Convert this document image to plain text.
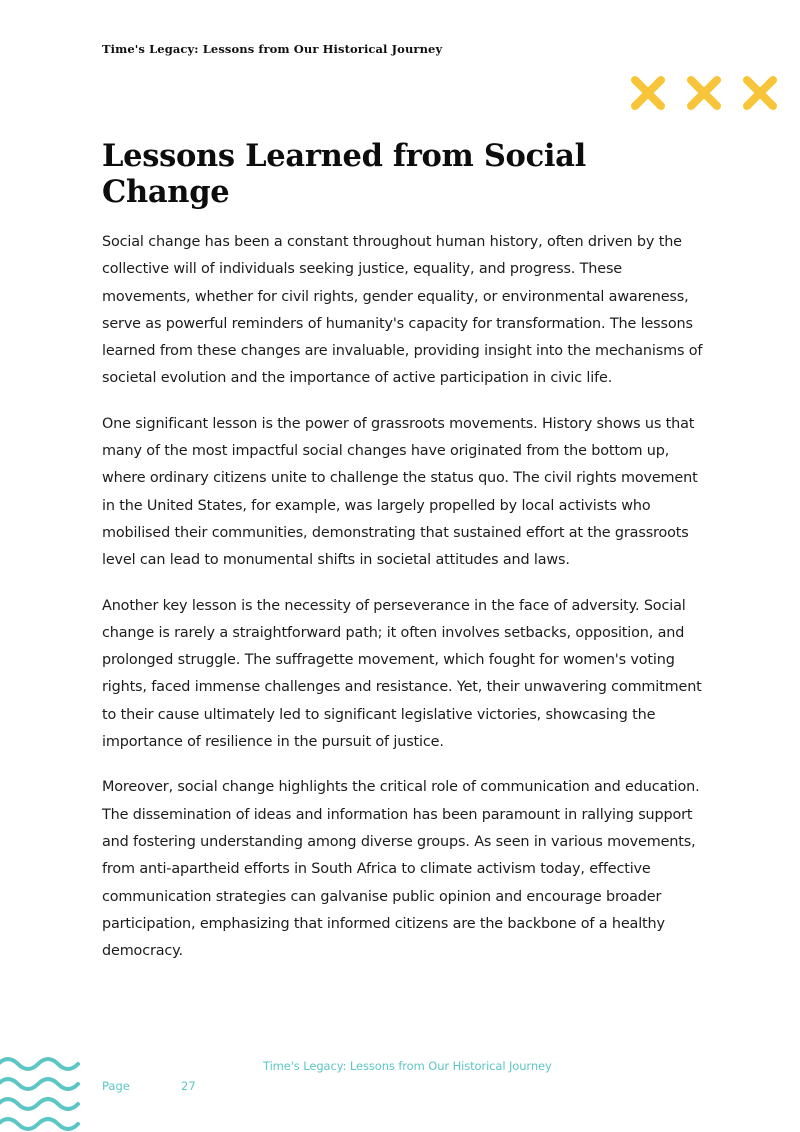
Time's Legacy: Lessons from Our Historical Journey
Lessons Learned from Social Change

Social change has been a constant throughout human history, often driven by the collective will of individuals seeking justice, equality, and progress. These movements, whether for civil rights, gender equality, or environmental awareness, serve as powerful reminders of humanity's capacity for transformation. The lessons learned from these changes are invaluable, providing insight into the mechanisms of societal evolution and the importance of active participation in civic life.

One significant lesson is the power of grassroots movements. History shows us that many of the most impactful social changes have originated from the bottom up, where ordinary citizens unite to challenge the status quo. The civil rights movement in the United States, for example, was largely propelled by local activists who mobilised their communities, demonstrating that sustained effort at the grassroots level can lead to monumental shifts in societal attitudes and laws.

Another key lesson is the necessity of perseverance in the face of adversity. Social change is rarely a straightforward path; it often involves setbacks, opposition, and prolonged struggle. The suffragette movement, which fought for women's voting rights, faced immense challenges and resistance. Yet, their unwavering commitment to their cause ultimately led to significant legislative victories, showcasing the importance of resilience in the pursuit of justice.

Moreover, social change highlights the critical role of communication and education. The dissemination of ideas and information has been paramount in rallying support and fostering understanding among diverse groups. As seen in various movements, from anti-apartheid efforts in South Africa to climate activism today, effective communication strategies can galvanise public opinion and encourage broader participation, emphasizing that informed citizens are the backbone of a healthy democracy.

Time's Legacy: Lessons from Our Historical Journey
Page	27
